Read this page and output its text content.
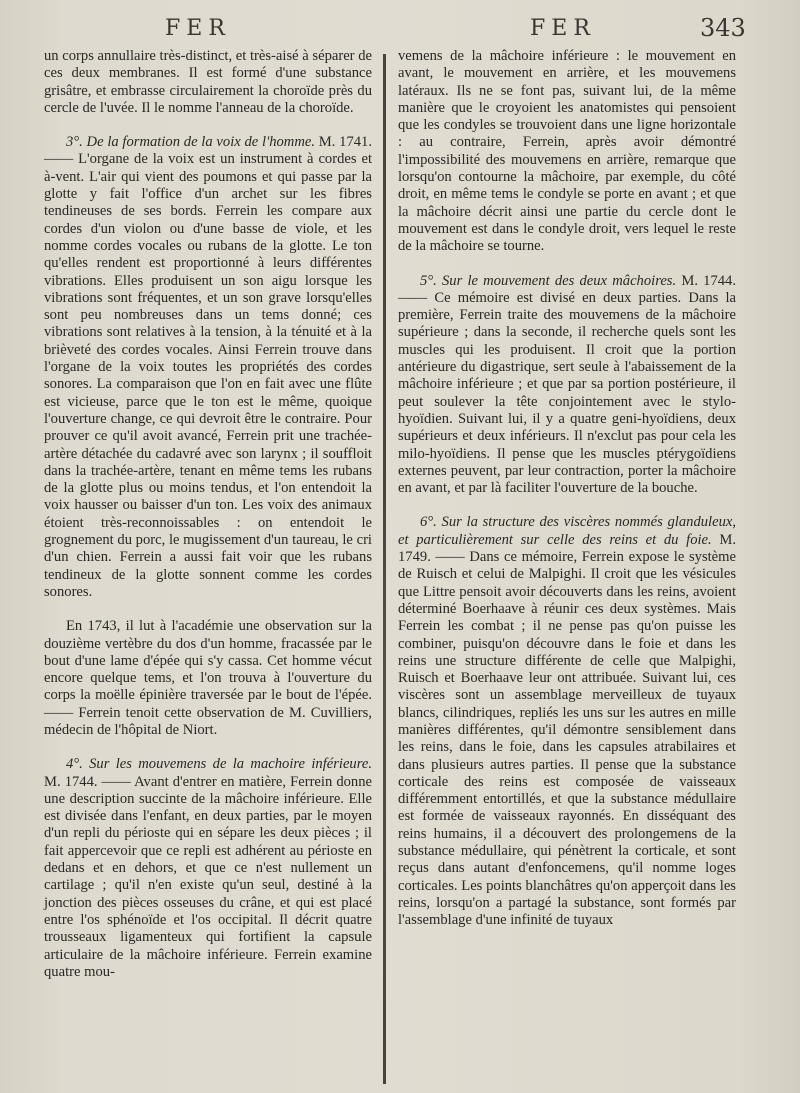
FER	FER	343

un corps annullaire très-distinct, et très-aisé à séparer de ces deux membranes. Il est formé d'une substance grisâtre, et embrasse circulairement la choroïde près du cercle de l'uvée. Il le nomme l'anneau de la choroïde.

3°. De la formation de la voix de l'homme. M. 1741. —— L'organe de la voix est un instrument à cordes et à-vent. L'air qui vient des poumons et qui passe par la glotte y fait l'office d'un archet sur les fibres tendineuses de ses bords. Ferrein les compare aux cordes d'un violon ou d'une basse de viole, et les nomme cordes vocales ou rubans de la glotte. Le ton qu'elles rendent est proportionné à leurs différentes vibrations. Elles produisent un son aigu lorsque les vibrations sont fréquentes, et un son grave lorsqu'elles sont peu nombreuses dans un tems donné; ces vibrations sont relatives à la tension, à la ténuité et à la brièveté des cordes vocales. Ainsi Ferrein trouve dans l'organe de la voix toutes les propriétés des cordes sonores. La comparaison que l'on en fait avec une flûte est vicieuse, parce que le ton est le même, quoique l'ouverture change, ce qui devroit être le contraire. Pour prouver ce qu'il avoit avancé, Ferrein prit une trachée-artère détachée du cadavré avec son larynx ; il souffloit dans la trachée-artère, tenant en même tems les rubans de la glotte plus ou moins tendus, et l'on entendoit la voix hausser ou baisser d'un ton. Les voix des animaux étoient très-reconnoissables : on entendoit le grognement du porc, le mugissement d'un taureau, le cri d'un chien. Ferrein a aussi fait voir que les rubans tendineux de la glotte sonnent comme les cordes sonores.

En 1743, il lut à l'académie une observation sur la douzième vertèbre du dos d'un homme, fracassée par le bout d'une lame d'épée qui s'y cassa. Cet homme vécut encore quelque tems, et l'on trouva à l'ouverture du corps la moëlle épinière traversée par le bout de l'épée. —— Ferrein tenoit cette observation de M. Cuvilliers, médecin de l'hôpital de Niort.

4°. Sur les mouvemens de la machoire inférieure. M. 1744. —— Avant d'entrer en matière, Ferrein donne une description succinte de la mâchoire inférieure. Elle est divisée dans l'enfant, en deux parties, par le moyen d'un repli du périoste qui en sépare les deux pièces ; il fait appercevoir que ce repli est adhérent au périoste en dedans et en dehors, et que ce n'est nullement un cartilage ; qu'il n'en existe qu'un seul, destiné à la jonction des pièces osseuses du crâne, et qui est placé entre l'os sphénoïde et l'os occipital. Il décrit quatre trousseaux ligamenteux qui fortifient la capsule articulaire de la mâchoire inférieure. Ferrein examine quatre mou-

vemens de la mâchoire inférieure : le mouvement en avant, le mouvement en arrière, et les mouvemens latéraux. Ils ne se font pas, suivant lui, de la même manière que le croyoient les anatomistes qui pensoient que les condyles se trouvoient dans une ligne horizontale : au contraire, Ferrein, après avoir démontré l'impossibilité des mouvemens en arrière, remarque que lorsqu'on contourne la mâchoire, par exemple, du côté droit, en même tems le condyle se porte en avant ; et que la mâchoire décrit ainsi une partie du cercle dont le mouvement est dans le condyle droit, vers lequel le reste de la mâchoire se tourne.

5°. Sur le mouvement des deux mâchoires. M. 1744. —— Ce mémoire est divisé en deux parties. Dans la première, Ferrein traite des mouvemens de la mâchoire supérieure ; dans la seconde, il recherche quels sont les muscles qui les produisent. Il croit que la portion antérieure du digastrique, sert seule à l'abaissement de la mâchoire inférieure ; et que par sa portion postérieure, il peut soulever la tête conjointement avec le stylo-hyoïdien. Suivant lui, il y a quatre geni-hyoïdiens, deux supérieurs et deux inférieurs. Il n'exclut pas pour cela les milo-hyoïdiens. Il pense que les muscles ptérygoïdiens externes peuvent, par leur contraction, porter la mâchoire en avant, et par là faciliter l'ouverture de la bouche.

6°. Sur la structure des viscères nommés glanduleux, et particulièrement sur celle des reins et du foie. M. 1749. —— Dans ce mémoire, Ferrein expose le système de Ruisch et celui de Malpighi. Il croit que les vésicules que Littre pensoit avoir découverts dans les reins, avoient déterminé Boerhaave à réunir ces deux systèmes. Mais Ferrein les combat ; il ne pense pas qu'on puisse les combiner, puisqu'on découvre dans le foie et dans les reins une structure différente de celle que Malpighi, Ruisch et Boerhaave leur ont attribuée. Suivant lui, ces viscères sont un assemblage merveilleux de tuyaux blancs, cilindriques, repliés les uns sur les autres en mille manières différentes, qu'il démontre sensiblement dans les reins, dans le foie, dans les capsules atrabilaires et dans plusieurs autres parties. Il pense que la substance corticale des reins est composée de vaisseaux différemment entortillés, et que la substance médullaire est formée de vaisseaux rayonnés. En disséquant des reins humains, il a découvert des prolongemens de la substance médullaire, qui pénètrent la corticale, et sont reçus dans autant d'enfoncemens, qu'il nomme loges corticales. Les points blanchâtres qu'on apperçoit dans les reins, lorsqu'on a partagé la substance, sont formés par l'assemblage d'une infinité de tuyaux
